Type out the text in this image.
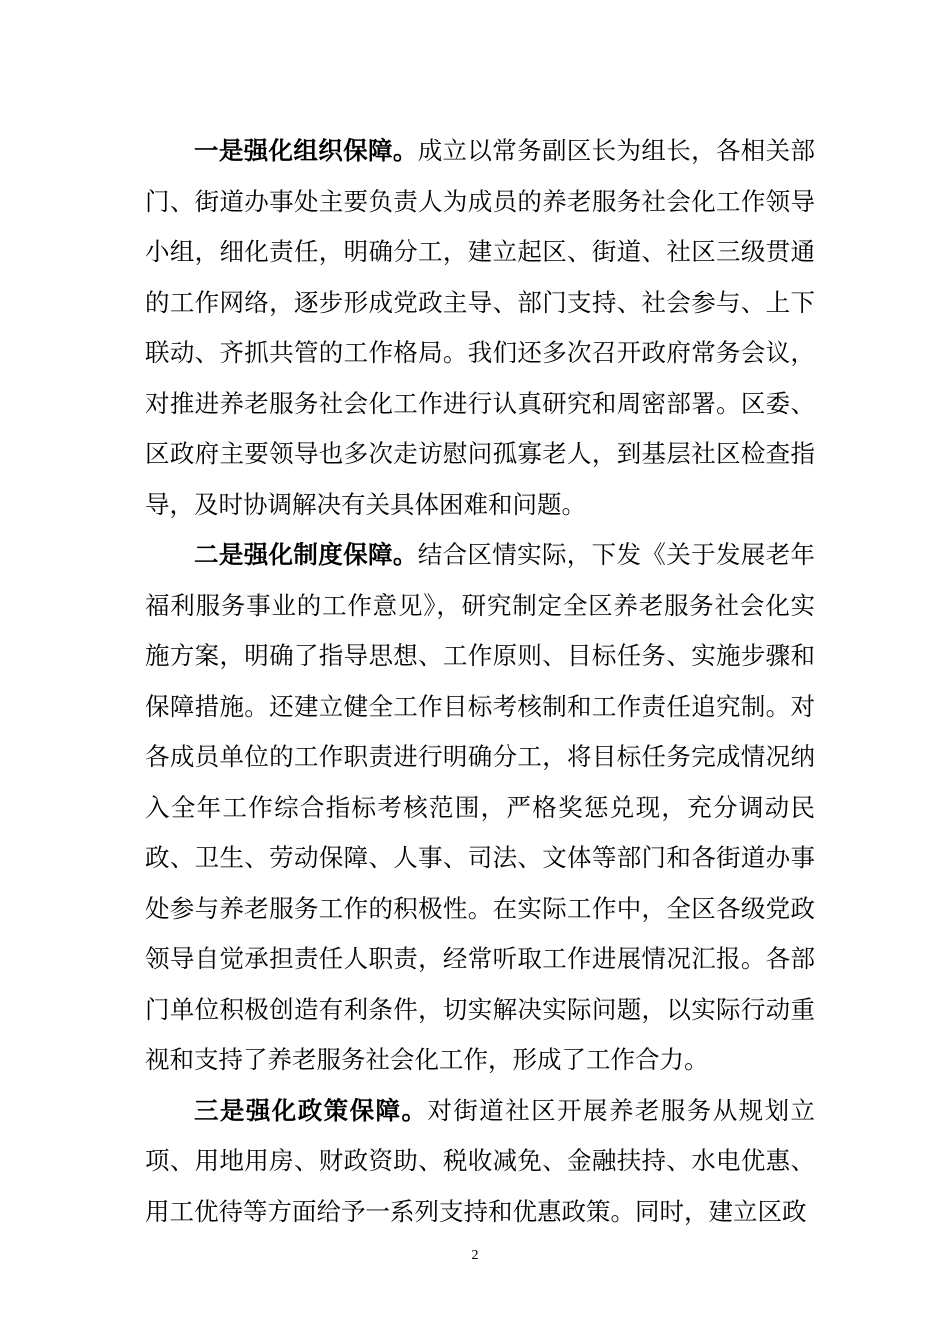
一是强化组织保障。成立以常务副区长为组长，各相关部门、街道办事处主要负责人为成员的养老服务社会化工作领导小组，细化责任，明确分工，建立起区、街道、社区三级贯通的工作网络，逐步形成党政主导、部门支持、社会参与、上下联动、齐抓共管的工作格局。我们还多次召开政府常务会议，对推进养老服务社会化工作进行认真研究和周密部署。区委、区政府主要领导也多次走访慰问孤寡老人，到基层社区检查指导，及时协调解决有关具体困难和问题。

二是强化制度保障。结合区情实际，下发《关于发展老年福利服务事业的工作意见》，研究制定全区养老服务社会化实施方案，明确了指导思想、工作原则、目标任务、实施步骤和保障措施。还建立健全工作目标考核制和工作责任追究制。对各成员单位的工作职责进行明确分工，将目标任务完成情况纳入全年工作综合指标考核范围，严格奖惩兑现，充分调动民政、卫生、劳动保障、人事、司法、文体等部门和各街道办事处参与养老服务工作的积极性。在实际工作中，全区各级党政领导自觉承担责任人职责，经常听取工作进展情况汇报。各部门单位积极创造有利条件，切实解决实际问题，以实际行动重视和支持了养老服务社会化工作，形成了工作合力。

三是强化政策保障。对街道社区开展养老服务从规划立项、用地用房、财政资助、税收减免、金融扶持、水电优惠、用工优待等方面给予一系列支持和优惠政策。同时，建立区政

2
